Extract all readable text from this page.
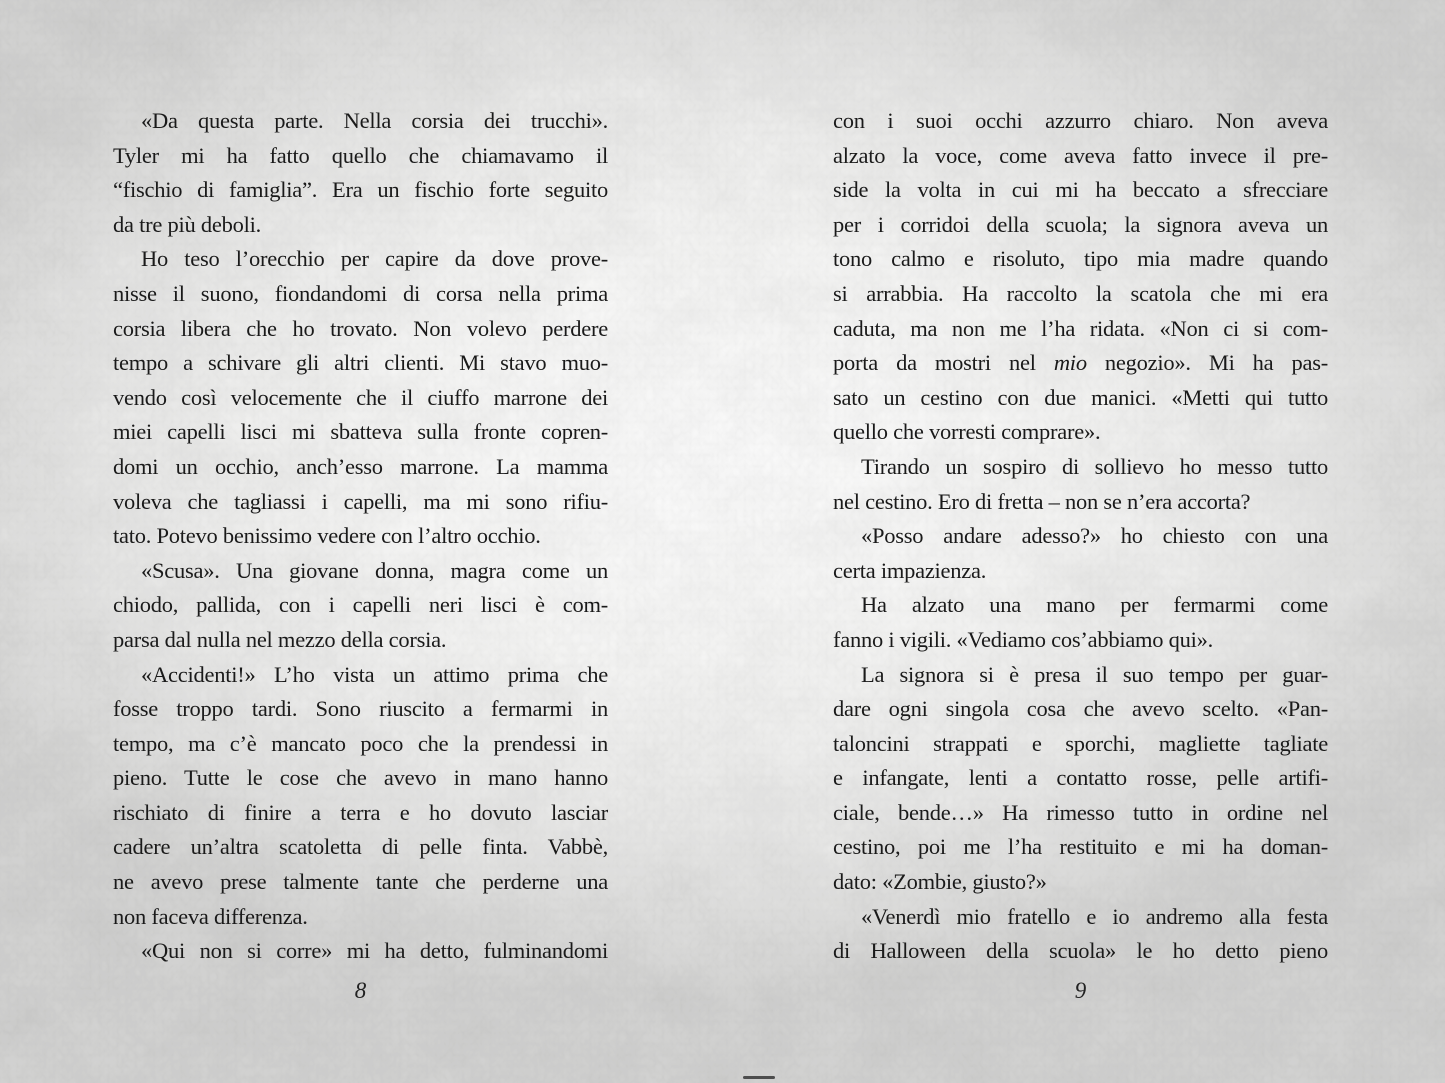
«Da questa parte. Nella corsia dei trucchi».
Tyler mi ha fatto quello che chiamavamo il
“fischio di famiglia”. Era un fischio forte seguito
da tre più deboli.
Ho teso l’orecchio per capire da dove prove-
nisse il suono, fiondandomi di corsa nella prima
corsia libera che ho trovato. Non volevo perdere
tempo a schivare gli altri clienti. Mi stavo muo-
vendo così velocemente che il ciuffo marrone dei
miei capelli lisci mi sbatteva sulla fronte copren-
domi un occhio, anch’esso marrone. La mamma
voleva che tagliassi i capelli, ma mi sono rifiu-
tato. Potevo benissimo vedere con l’altro occhio.
«Scusa». Una giovane donna, magra come un
chiodo, pallida, con i capelli neri lisci è com-
parsa dal nulla nel mezzo della corsia.
«Accidenti!» L’ho vista un attimo prima che
fosse troppo tardi. Sono riuscito a fermarmi in
tempo, ma c’è mancato poco che la prendessi in
pieno. Tutte le cose che avevo in mano hanno
rischiato di finire a terra e ho dovuto lasciar
cadere un’altra scatoletta di pelle finta. Vabbè,
ne avevo prese talmente tante che perderne una
non faceva differenza.
«Qui non si corre» mi ha detto, fulminandomi
8
con i suoi occhi azzurro chiaro. Non aveva
alzato la voce, come aveva fatto invece il pre-
side la volta in cui mi ha beccato a sfrecciare
per i corridoi della scuola; la signora aveva un
tono calmo e risoluto, tipo mia madre quando
si arrabbia. Ha raccolto la scatola che mi era
caduta, ma non me l’ha ridata. «Non ci si com-
porta da mostri nel mio negozio». Mi ha pas-
sato un cestino con due manici. «Metti qui tutto
quello che vorresti comprare».
Tirando un sospiro di sollievo ho messo tutto
nel cestino. Ero di fretta – non se n’era accorta?
«Posso andare adesso?» ho chiesto con una
certa impazienza.
Ha alzato una mano per fermarmi come
fanno i vigili. «Vediamo cos’abbiamo qui».
La signora si è presa il suo tempo per guar-
dare ogni singola cosa che avevo scelto. «Pan-
taloncini strappati e sporchi, magliette tagliate
e infangate, lenti a contatto rosse, pelle artifi-
ciale, bende…» Ha rimesso tutto in ordine nel
cestino, poi me l’ha restituito e mi ha doman-
dato: «Zombie, giusto?»
«Venerdì mio fratello e io andremo alla festa
di Halloween della scuola» le ho detto pieno
9
